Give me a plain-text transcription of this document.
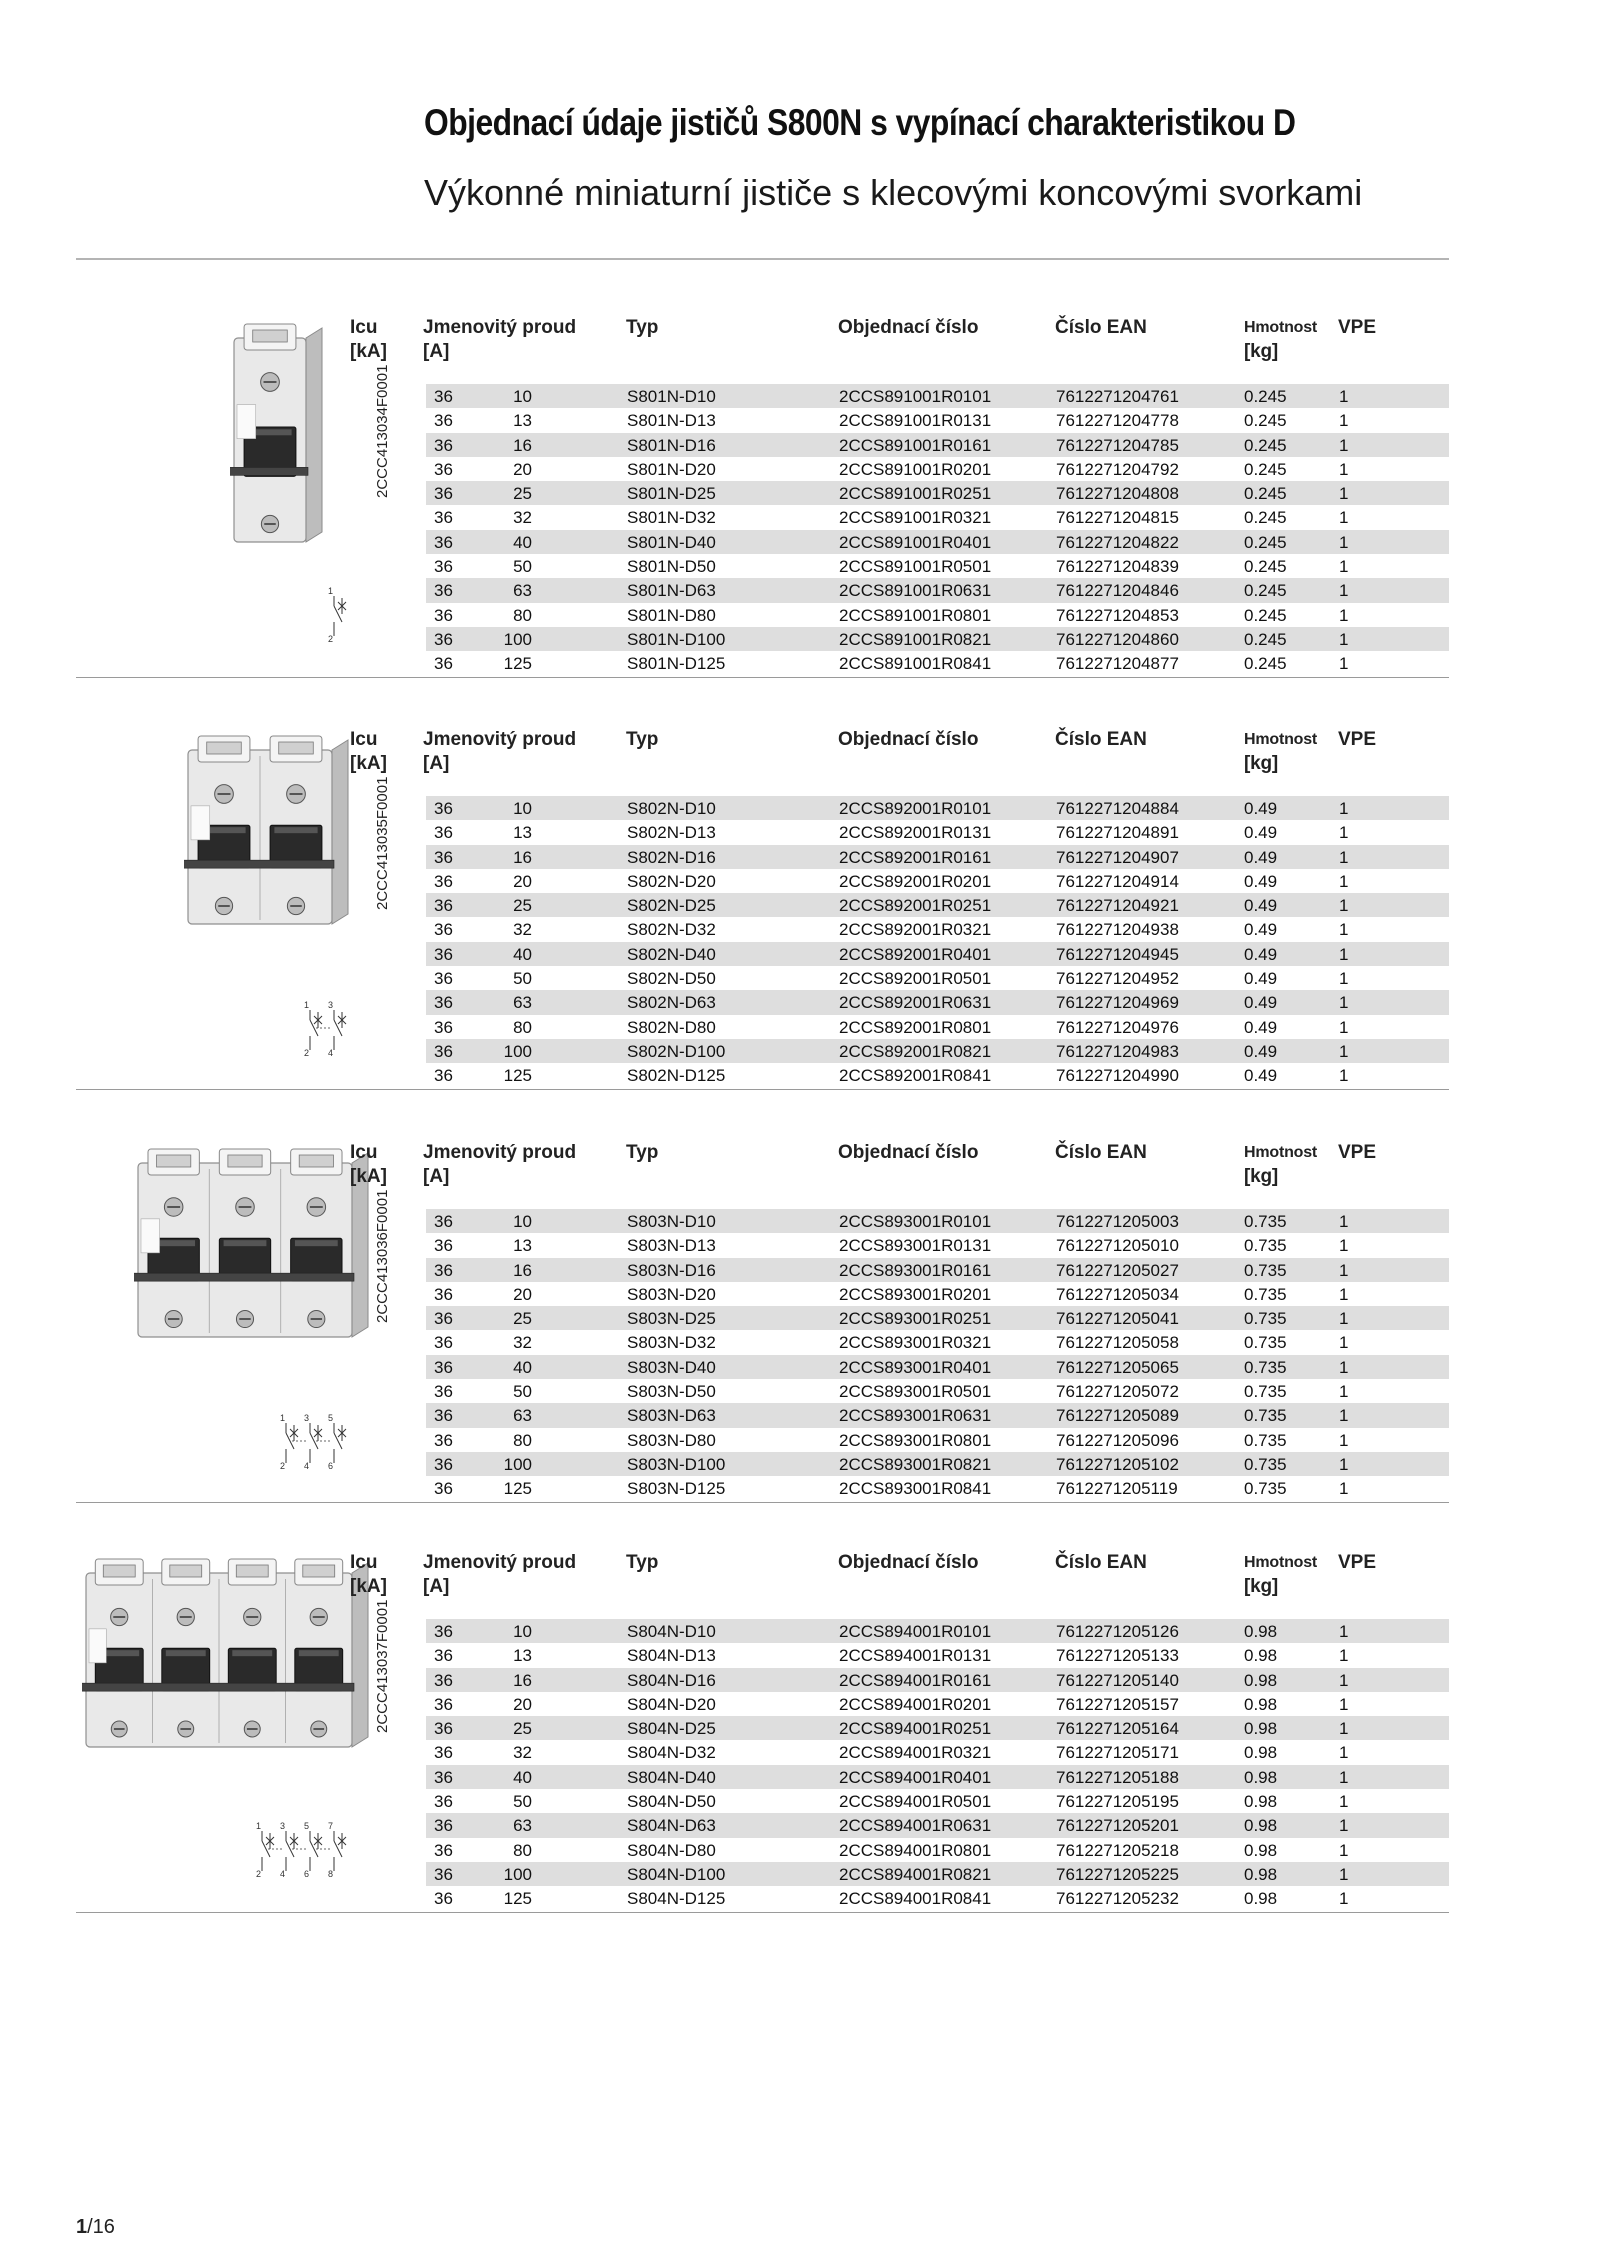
Objednací údaje jističů S800N s vypínací charakteristikou D
Výkonné miniaturní jističe s klecovými koncovými svorkami
2CCC413034F0001
1
2
Icu
[kA]
Jmenovitý proud
[A]
Typ	Objednací číslo	Číslo EAN	Hmotnost
[kg]
VPE
36	10	S801N-D10	2CCS891001R0101	7612271204761	0.245	1
36	13	S801N-D13	2CCS891001R0131	7612271204778	0.245	1
36	16	S801N-D16	2CCS891001R0161	7612271204785	0.245	1
36	20	S801N-D20	2CCS891001R0201	7612271204792	0.245	1
36	25	S801N-D25	2CCS891001R0251	7612271204808	0.245	1
36	32	S801N-D32	2CCS891001R0321	7612271204815	0.245	1
36	40	S801N-D40	2CCS891001R0401	7612271204822	0.245	1
36	50	S801N-D50	2CCS891001R0501	7612271204839	0.245	1
36	63	S801N-D63	2CCS891001R0631	7612271204846	0.245	1
36	80	S801N-D80	2CCS891001R0801	7612271204853	0.245	1
36	100	S801N-D100	2CCS891001R0821	7612271204860	0.245	1
36	125	S801N-D125	2CCS891001R0841	7612271204877	0.245	1
2CCC413035F0001
1
2
3
4
Icu
[kA]
Jmenovitý proud
[A]
Typ	Objednací číslo	Číslo EAN	Hmotnost
[kg]
VPE
36	10	S802N-D10	2CCS892001R0101	7612271204884	0.49	1
36	13	S802N-D13	2CCS892001R0131	7612271204891	0.49	1
36	16	S802N-D16	2CCS892001R0161	7612271204907	0.49	1
36	20	S802N-D20	2CCS892001R0201	7612271204914	0.49	1
36	25	S802N-D25	2CCS892001R0251	7612271204921	0.49	1
36	32	S802N-D32	2CCS892001R0321	7612271204938	0.49	1
36	40	S802N-D40	2CCS892001R0401	7612271204945	0.49	1
36	50	S802N-D50	2CCS892001R0501	7612271204952	0.49	1
36	63	S802N-D63	2CCS892001R0631	7612271204969	0.49	1
36	80	S802N-D80	2CCS892001R0801	7612271204976	0.49	1
36	100	S802N-D100	2CCS892001R0821	7612271204983	0.49	1
36	125	S802N-D125	2CCS892001R0841	7612271204990	0.49	1
2CCC413036F0001
1
2
3
4
5
6
Icu
[kA]
Jmenovitý proud
[A]
Typ	Objednací číslo	Číslo EAN	Hmotnost
[kg]
VPE
36	10	S803N-D10	2CCS893001R0101	7612271205003	0.735	1
36	13	S803N-D13	2CCS893001R0131	7612271205010	0.735	1
36	16	S803N-D16	2CCS893001R0161	7612271205027	0.735	1
36	20	S803N-D20	2CCS893001R0201	7612271205034	0.735	1
36	25	S803N-D25	2CCS893001R0251	7612271205041	0.735	1
36	32	S803N-D32	2CCS893001R0321	7612271205058	0.735	1
36	40	S803N-D40	2CCS893001R0401	7612271205065	0.735	1
36	50	S803N-D50	2CCS893001R0501	7612271205072	0.735	1
36	63	S803N-D63	2CCS893001R0631	7612271205089	0.735	1
36	80	S803N-D80	2CCS893001R0801	7612271205096	0.735	1
36	100	S803N-D100	2CCS893001R0821	7612271205102	0.735	1
36	125	S803N-D125	2CCS893001R0841	7612271205119	0.735	1
2CCC413037F0001
1
2
3
4
5
6
7
8
Icu
[kA]
Jmenovitý proud
[A]
Typ	Objednací číslo	Číslo EAN	Hmotnost
[kg]
VPE
36	10	S804N-D10	2CCS894001R0101	7612271205126	0.98	1
36	13	S804N-D13	2CCS894001R0131	7612271205133	0.98	1
36	16	S804N-D16	2CCS894001R0161	7612271205140	0.98	1
36	20	S804N-D20	2CCS894001R0201	7612271205157	0.98	1
36	25	S804N-D25	2CCS894001R0251	7612271205164	0.98	1
36	32	S804N-D32	2CCS894001R0321	7612271205171	0.98	1
36	40	S804N-D40	2CCS894001R0401	7612271205188	0.98	1
36	50	S804N-D50	2CCS894001R0501	7612271205195	0.98	1
36	63	S804N-D63	2CCS894001R0631	7612271205201	0.98	1
36	80	S804N-D80	2CCS894001R0801	7612271205218	0.98	1
36	100	S804N-D100	2CCS894001R0821	7612271205225	0.98	1
36	125	S804N-D125	2CCS894001R0841	7612271205232	0.98	1
1/16
